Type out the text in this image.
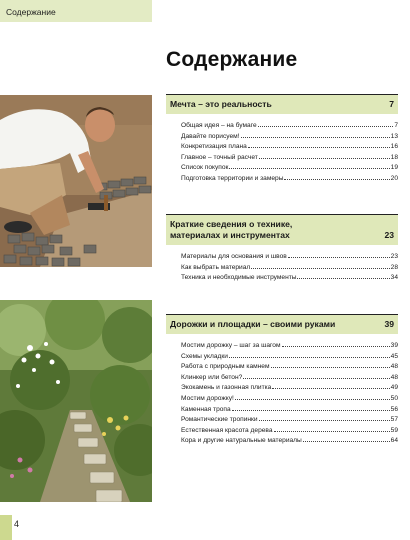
Содержание
Содержание
Мечта – это реальность	7
Общая идея – на бумаге	7
Давайте порисуем!	13
Конкретизация плана	16
Главное – точный расчет	18
Список покупок	19
Подготовка территории и замеры	20
Краткие сведения о технике,
материалах и инструментах	23
Материалы для основания и швов	23
Как выбрать материал	28
Техника и необходимые инструменты	34
Дорожки и площадки – своими руками	39
Мостим дорожку – шаг за шагом	39
Схемы укладки	45
Работа с природным камнем	48
Клинкер или бетон?	48
Экокамень и газонная плитка	49
Мостим дорожку!	50
Каменная тропа	56
Романтические тропинки	57
Естественная красота дерева	59
Кора и другие натуральные материалы	64
4
